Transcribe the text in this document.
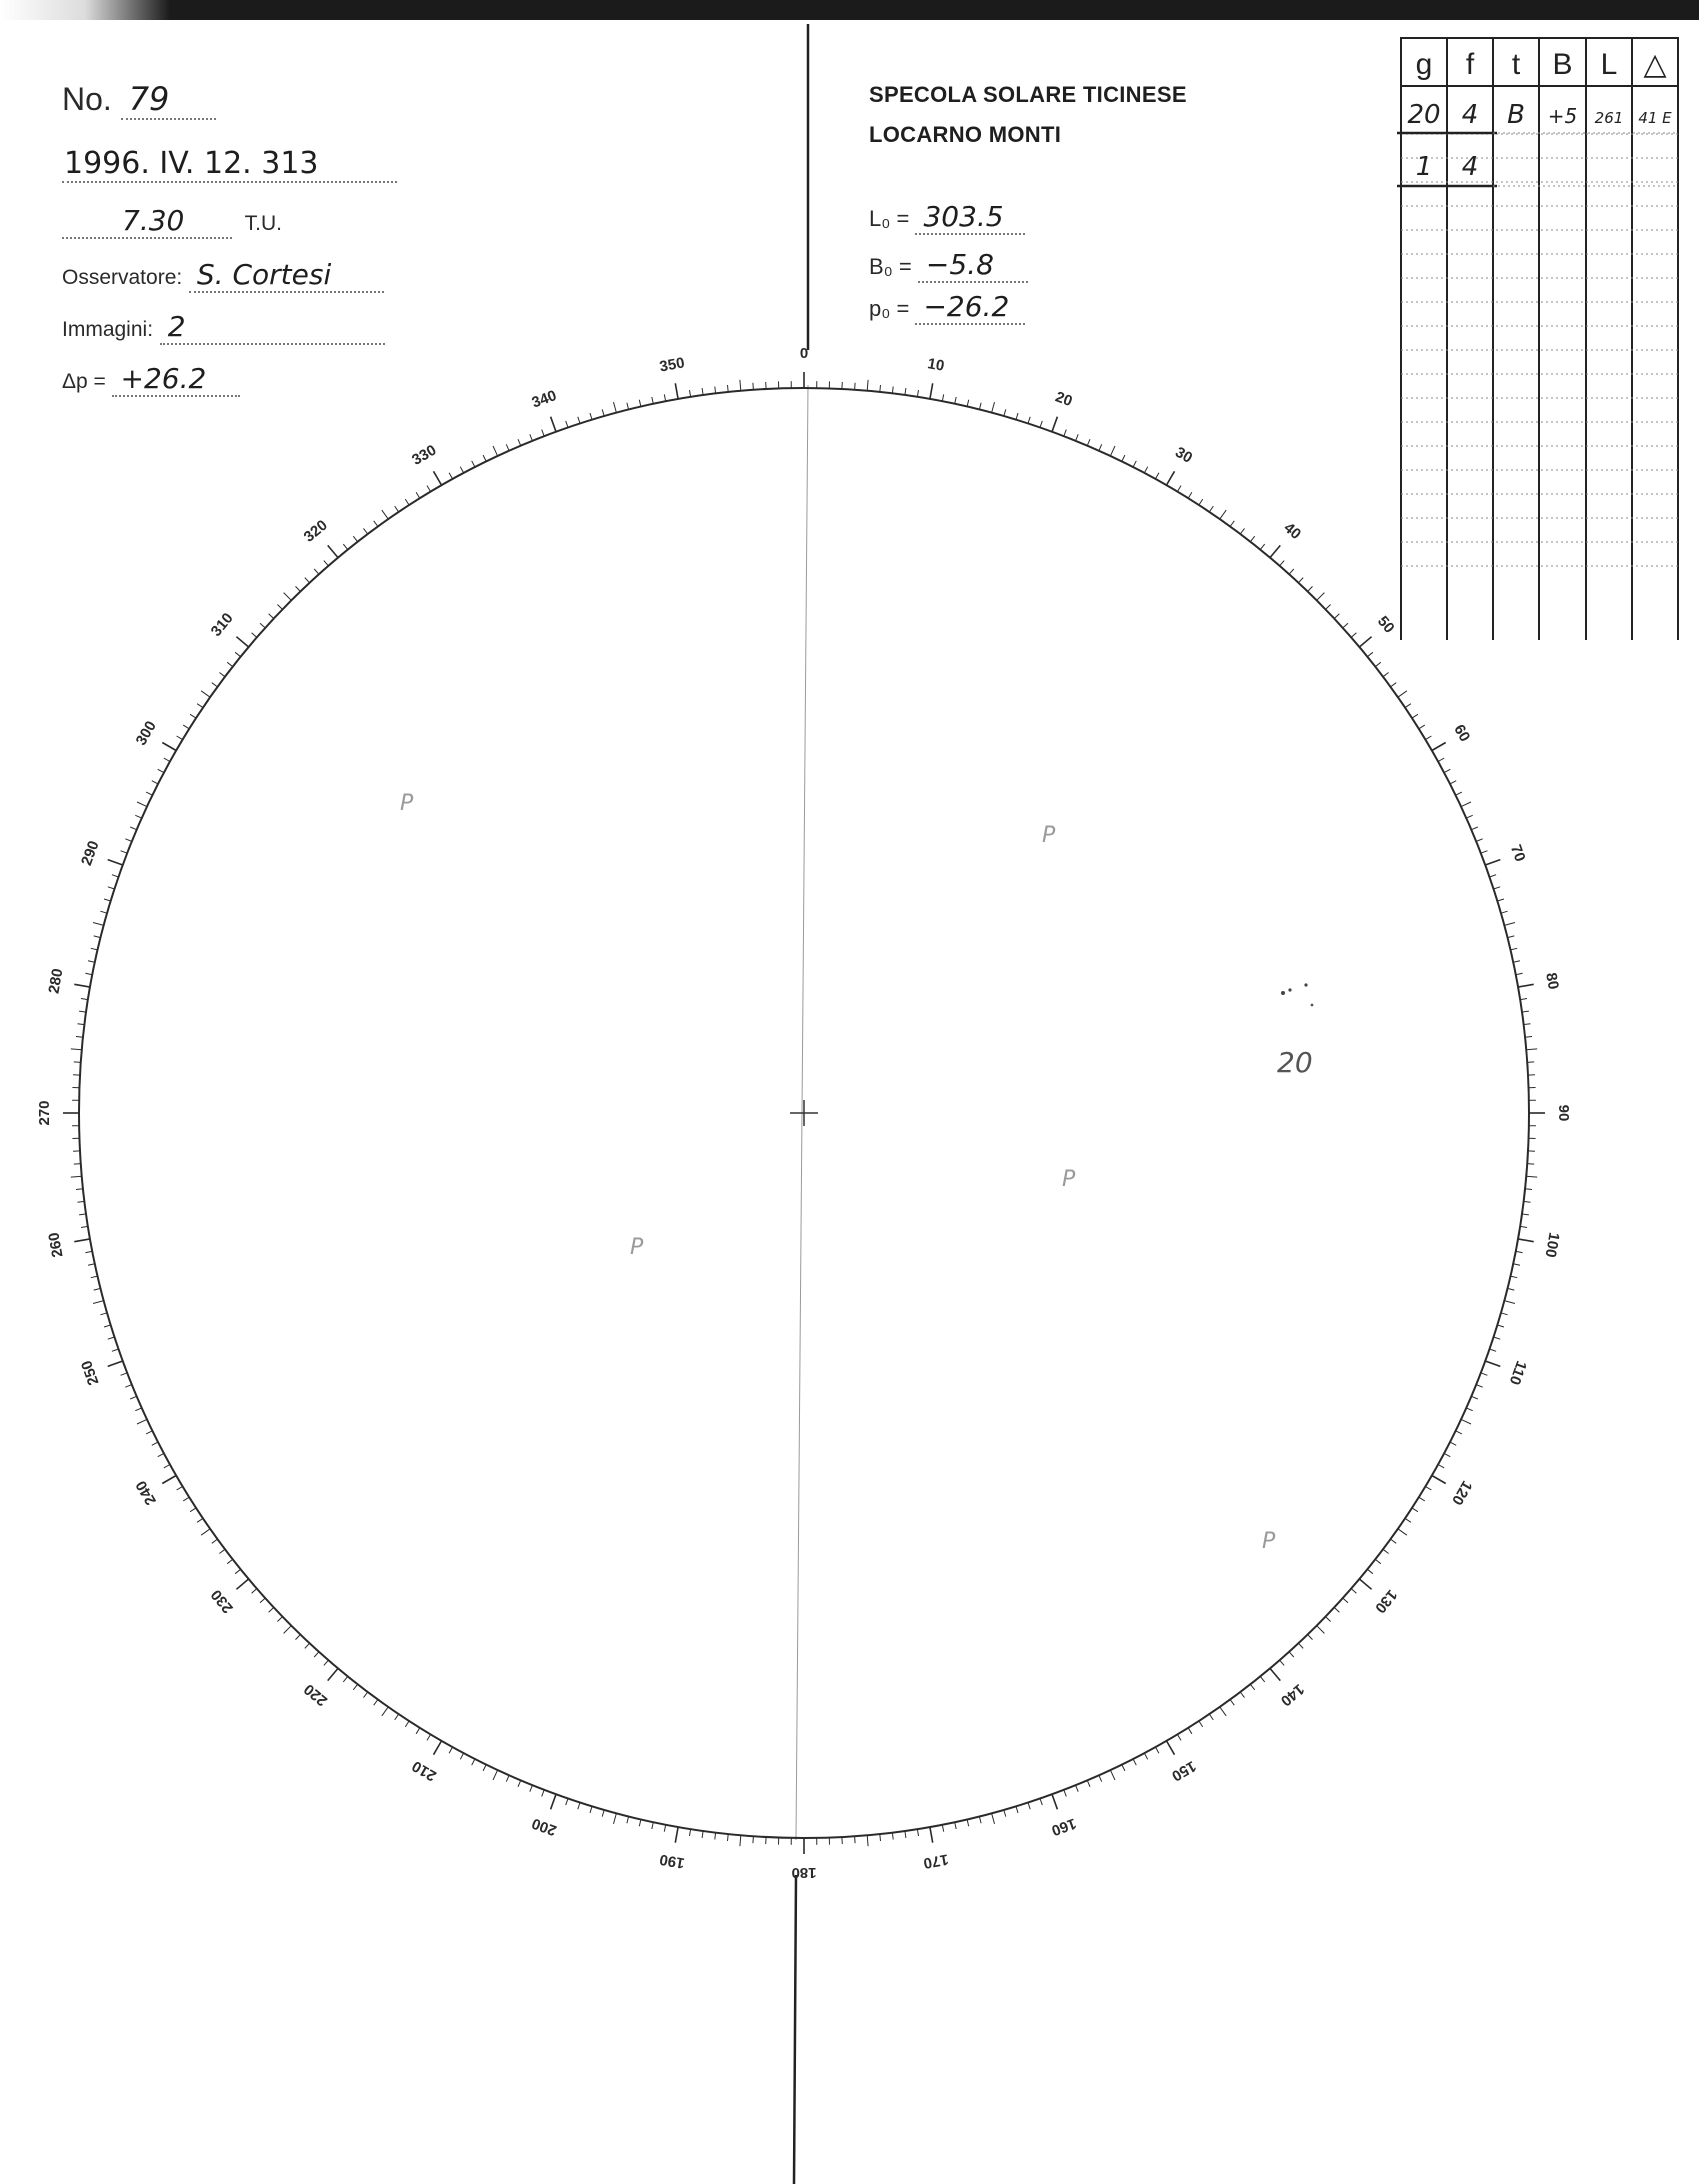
No. 79
1996. IV. 12. 313
7.30	T.U.
Osservatore: S. Cortesi
Immagini: 2
Δp = +26.2
SPECOLA SOLARE TICINESE
LOCARNO MONTI
L₀ = 303.5
B₀ = −5.8
p₀ = −26.2
0
10
20
30
40
50
60
70
80
90
100
110
120
130
140
150
160
170
180
190
200
210
220
230
240
250
260
270
280
290
300
310
320
330
340
350
P
P
P
P
P
20
g f t B L △
20 4 B +5 261 41 E
1 4
